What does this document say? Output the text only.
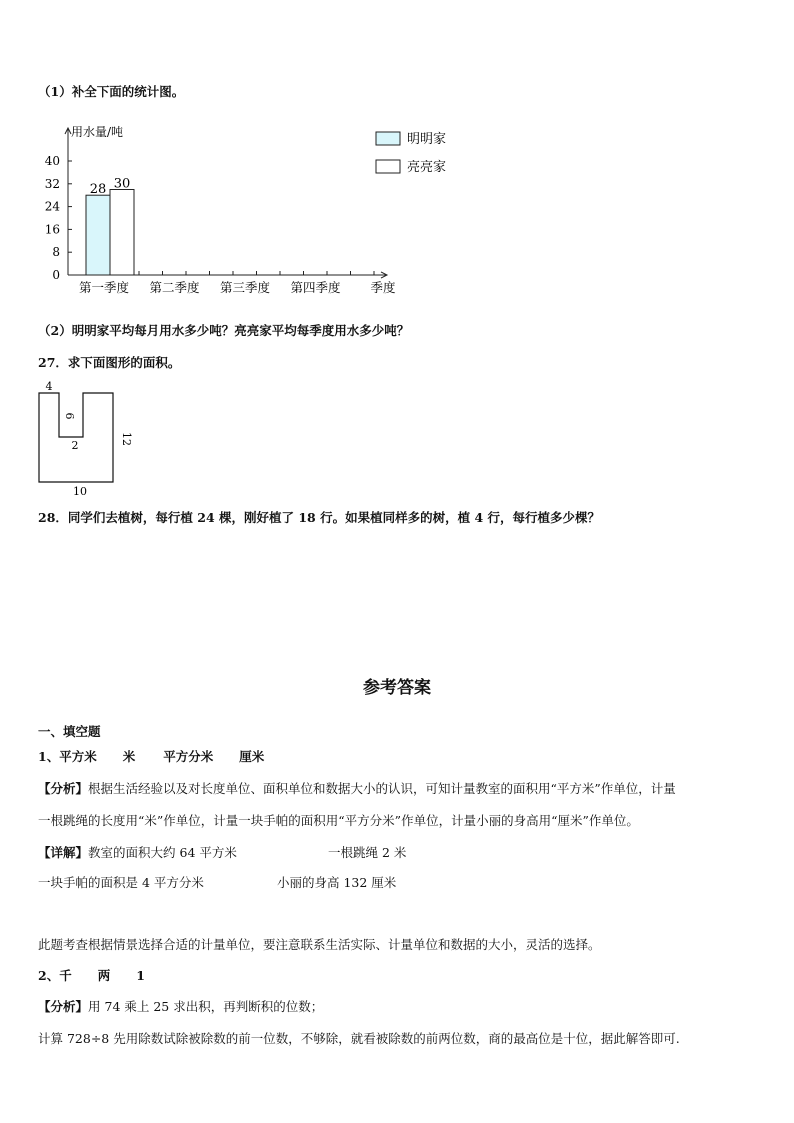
（1）补全下面的统计图。
用水量/吨
0
8
16
24
32
40
第一季度 第二季度 第三季度 第四季度 季度
28 30
明明家
亮亮家
（2）明明家平均每月用水多少吨？亮亮家平均每季度用水多少吨？
27．求下面图形的面积。
4
6
2	12
10
28．同学们去植树，每行植 24 棵，刚好植了 18 行。如果植同样多的树，植 4 行，每行植多少棵？
参考答案
一、填空题
1、平方米 米 平方分米 厘米
【分析】根据生活经验以及对长度单位、面积单位和数据大小的认识，可知计量教室的面积用“平方米”作单位，计量
一根跳绳的长度用“米”作单位，计量一块手帕的面积用“平方分米”作单位，计量小丽的身高用“厘米”作单位。
【详解】教室的面积大约 64 平方米	一根跳绳 2 米
一块手帕的面积是 4 平方分米	小丽的身高 132 厘米
此题考查根据情景选择合适的计量单位，要注意联系生活实际、计量单位和数据的大小，灵活的选择。
2、千 两 1
【分析】用 74 乘上 25 求出积，再判断积的位数；
计算 728÷8 先用除数试除被除数的前一位数，不够除，就看被除数的前两位数，商的最高位是十位，据此解答即可.
